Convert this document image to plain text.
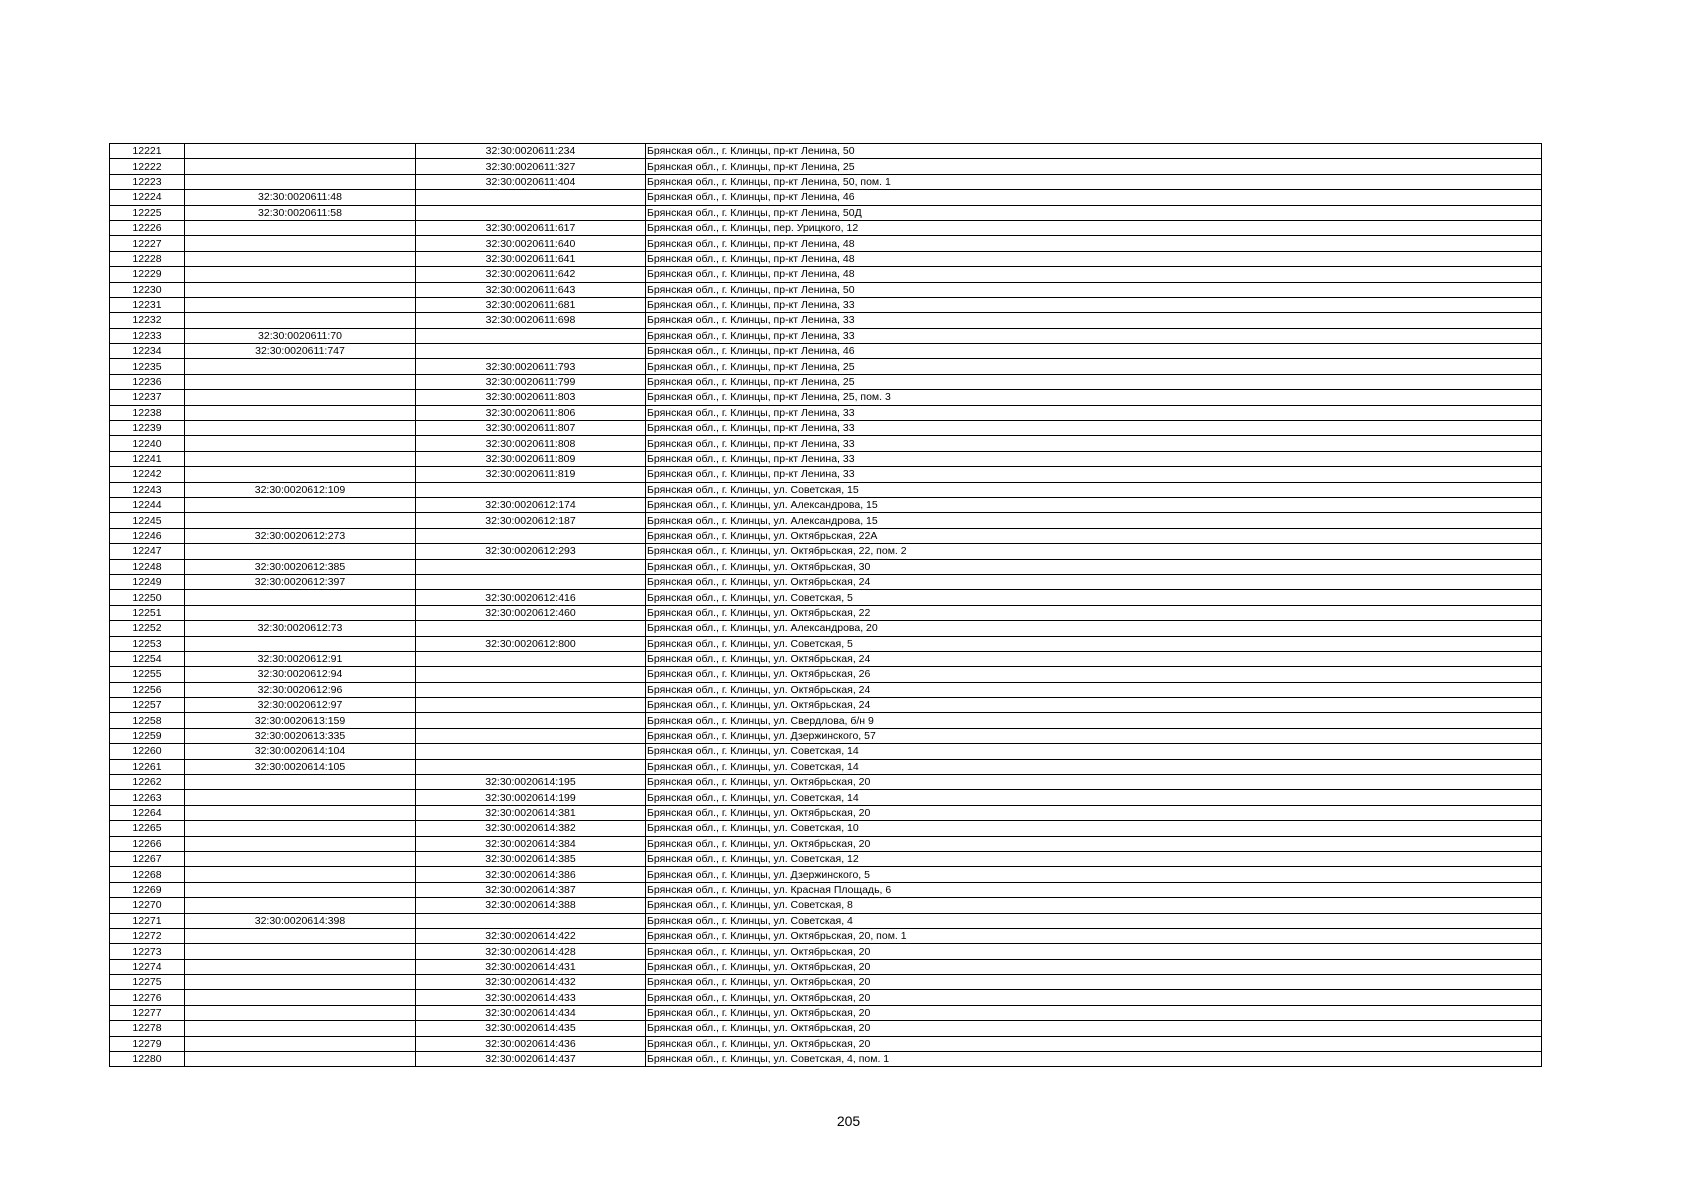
12221		32:30:0020611:234	Брянская обл., г. Клинцы, пр-кт Ленина, 50
12222		32:30:0020611:327	Брянская обл., г. Клинцы, пр-кт Ленина, 25
12223		32:30:0020611:404	Брянская обл., г. Клинцы, пр-кт Ленина, 50, пом. 1
12224	32:30:0020611:48		Брянская обл., г. Клинцы, пр-кт Ленина, 46
12225	32:30:0020611:58		Брянская обл., г. Клинцы, пр-кт Ленина, 50Д
12226		32:30:0020611:617	Брянская обл., г. Клинцы, пер. Урицкого, 12
12227		32:30:0020611:640	Брянская обл., г. Клинцы, пр-кт Ленина, 48
12228		32:30:0020611:641	Брянская обл., г. Клинцы, пр-кт Ленина, 48
12229		32:30:0020611:642	Брянская обл., г. Клинцы, пр-кт Ленина, 48
12230		32:30:0020611:643	Брянская обл., г. Клинцы, пр-кт Ленина, 50
12231		32:30:0020611:681	Брянская обл., г. Клинцы, пр-кт Ленина, 33
12232		32:30:0020611:698	Брянская обл., г. Клинцы, пр-кт Ленина, 33
12233	32:30:0020611:70		Брянская обл., г. Клинцы, пр-кт Ленина, 33
12234	32:30:0020611:747		Брянская обл., г. Клинцы, пр-кт Ленина, 46
12235		32:30:0020611:793	Брянская обл., г. Клинцы, пр-кт Ленина, 25
12236		32:30:0020611:799	Брянская обл., г. Клинцы, пр-кт Ленина, 25
12237		32:30:0020611:803	Брянская обл., г. Клинцы, пр-кт Ленина, 25, пом. 3
12238		32:30:0020611:806	Брянская обл., г. Клинцы, пр-кт Ленина, 33
12239		32:30:0020611:807	Брянская обл., г. Клинцы, пр-кт Ленина, 33
12240		32:30:0020611:808	Брянская обл., г. Клинцы, пр-кт Ленина, 33
12241		32:30:0020611:809	Брянская обл., г. Клинцы, пр-кт Ленина, 33
12242		32:30:0020611:819	Брянская обл., г. Клинцы, пр-кт Ленина, 33
12243	32:30:0020612:109		Брянская обл., г. Клинцы, ул. Советская, 15
12244		32:30:0020612:174	Брянская обл., г. Клинцы, ул. Александрова, 15
12245		32:30:0020612:187	Брянская обл., г. Клинцы, ул. Александрова, 15
12246	32:30:0020612:273		Брянская обл., г. Клинцы, ул. Октябрьская, 22А
12247		32:30:0020612:293	Брянская обл., г. Клинцы, ул. Октябрьская, 22, пом. 2
12248	32:30:0020612:385		Брянская обл., г. Клинцы, ул. Октябрьская, 30
12249	32:30:0020612:397		Брянская обл., г. Клинцы, ул. Октябрьская, 24
12250		32:30:0020612:416	Брянская обл., г. Клинцы, ул. Советская, 5
12251		32:30:0020612:460	Брянская обл., г. Клинцы, ул. Октябрьская, 22
12252	32:30:0020612:73		Брянская обл., г. Клинцы, ул. Александрова, 20
12253		32:30:0020612:800	Брянская обл., г. Клинцы, ул. Советская, 5
12254	32:30:0020612:91		Брянская обл., г. Клинцы, ул. Октябрьская, 24
12255	32:30:0020612:94		Брянская обл., г. Клинцы, ул. Октябрьская, 26
12256	32:30:0020612:96		Брянская обл., г. Клинцы, ул. Октябрьская, 24
12257	32:30:0020612:97		Брянская обл., г. Клинцы, ул. Октябрьская, 24
12258	32:30:0020613:159		Брянская обл., г. Клинцы, ул. Свердлова, б/н 9
12259	32:30:0020613:335		Брянская обл., г. Клинцы, ул. Дзержинского, 57
12260	32:30:0020614:104		Брянская обл., г. Клинцы, ул. Советская, 14
12261	32:30:0020614:105		Брянская обл., г. Клинцы, ул. Советская, 14
12262		32:30:0020614:195	Брянская обл., г. Клинцы, ул. Октябрьская, 20
12263		32:30:0020614:199	Брянская обл., г. Клинцы, ул. Советская, 14
12264		32:30:0020614:381	Брянская обл., г. Клинцы, ул. Октябрьская, 20
12265		32:30:0020614:382	Брянская обл., г. Клинцы, ул. Советская, 10
12266		32:30:0020614:384	Брянская обл., г. Клинцы, ул. Октябрьская, 20
12267		32:30:0020614:385	Брянская обл., г. Клинцы, ул. Советская, 12
12268		32:30:0020614:386	Брянская обл., г. Клинцы, ул. Дзержинского, 5
12269		32:30:0020614:387	Брянская обл., г. Клинцы, ул. Красная Площадь, 6
12270		32:30:0020614:388	Брянская обл., г. Клинцы, ул. Советская, 8
12271	32:30:0020614:398		Брянская обл., г. Клинцы, ул. Советская, 4
12272		32:30:0020614:422	Брянская обл., г. Клинцы, ул. Октябрьская, 20, пом. 1
12273		32:30:0020614:428	Брянская обл., г. Клинцы, ул. Октябрьская, 20
12274		32:30:0020614:431	Брянская обл., г. Клинцы, ул. Октябрьская, 20
12275		32:30:0020614:432	Брянская обл., г. Клинцы, ул. Октябрьская, 20
12276		32:30:0020614:433	Брянская обл., г. Клинцы, ул. Октябрьская, 20
12277		32:30:0020614:434	Брянская обл., г. Клинцы, ул. Октябрьская, 20
12278		32:30:0020614:435	Брянская обл., г. Клинцы, ул. Октябрьская, 20
12279		32:30:0020614:436	Брянская обл., г. Клинцы, ул. Октябрьская, 20
12280		32:30:0020614:437	Брянская обл., г. Клинцы, ул. Советская, 4, пом. 1
205
